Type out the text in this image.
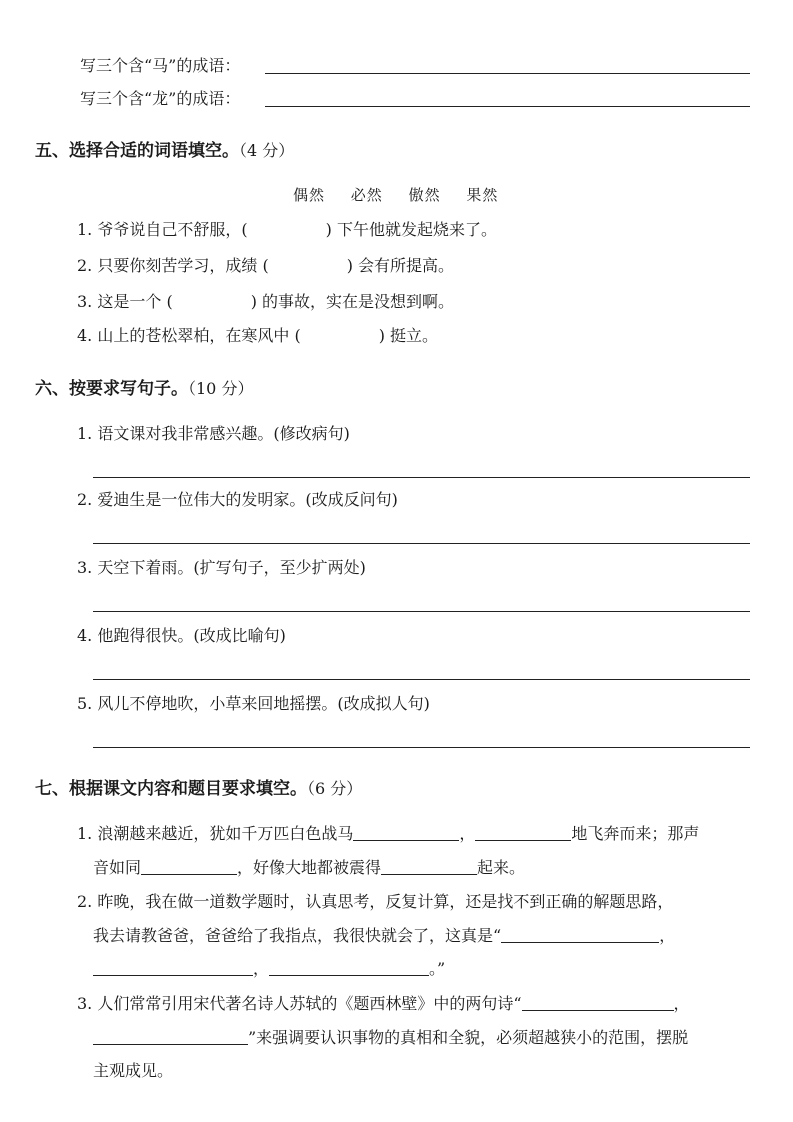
写三个含“马”的成语：
写三个含“龙”的成语：
五、选择合适的词语填空。（4 分）
偶然 必然 傲然 果然
1. 爷爷说自己不舒服，(	) 下午他就发起烧来了。
2. 只要你刻苦学习，成绩 (	) 会有所提高。
3. 这是一个 (	) 的事故，实在是没想到啊。
4. 山上的苍松翠柏，在寒风中 (	) 挺立。
六、按要求写句子。（10 分）
1. 语文课对我非常感兴趣。(修改病句)
2. 爱迪生是一位伟大的发明家。(改成反问句)
3. 天空下着雨。(扩写句子，至少扩两处)
4. 他跑得很快。(改成比喻句)
5. 风儿不停地吹，小草来回地摇摆。(改成拟人句)
七、根据课文内容和题目要求填空。（6 分）
1. 浪潮越来越近，犹如千万匹白色战马	，	地飞奔而来；那声
音如同	，好像大地都被震得	起来。
2. 昨晚，我在做一道数学题时，认真思考，反复计算，还是找不到正确的解题思路，
我去请教爸爸，爸爸给了我指点，我很快就会了，这真是“	，
，	。”
3. 人们常常引用宋代著名诗人苏轼的《题西林壁》中的两句诗“	，
”来强调要认识事物的真相和全貌，必须超越狭小的范围，摆脱
主观成见。
